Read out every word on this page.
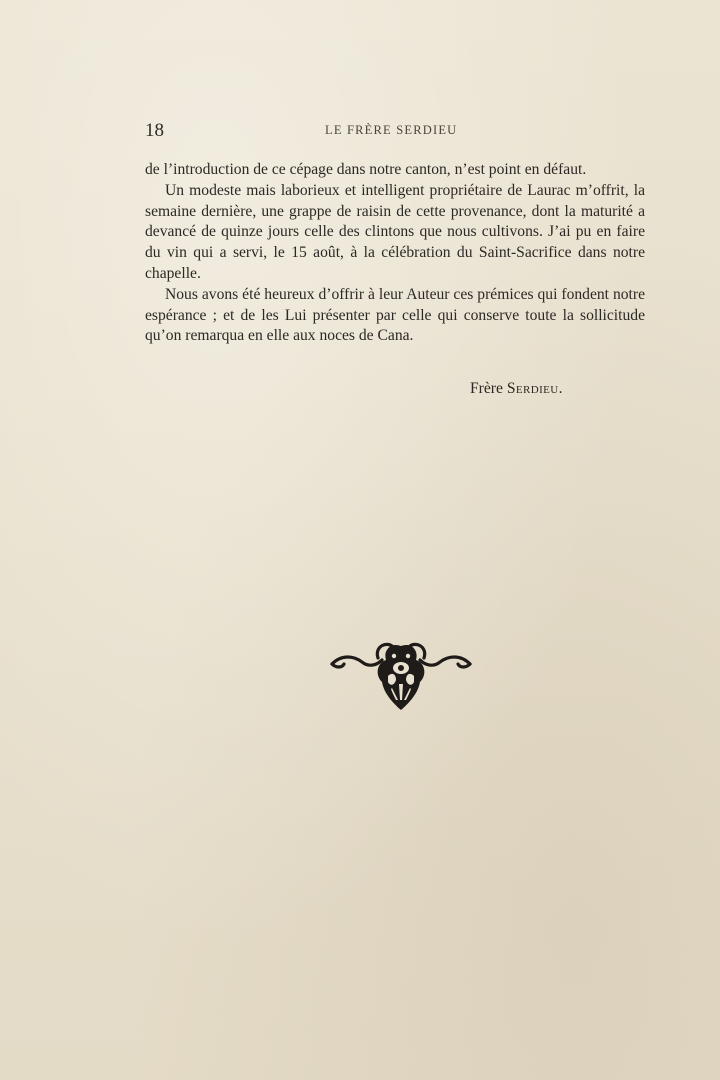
18	LE FRÈRE SERDIEU

de l’introduction de ce cépage dans notre canton, n’est point en défaut.

Un modeste mais laborieux et intelligent propriétaire de Laurac m’offrit, la semaine dernière, une grappe de raisin de cette provenance, dont la maturité a devancé de quinze jours celle des clintons que nous cultivons. J’ai pu en faire du vin qui a servi, le 15 août, à la célébration du Saint-Sacrifice dans notre chapelle.

Nous avons été heureux d’offrir à leur Auteur ces prémices qui fondent notre espérance ; et de les Lui présenter par celle qui conserve toute la sollicitude qu’on remarqua en elle aux noces de Cana.

Frère Serdieu.
